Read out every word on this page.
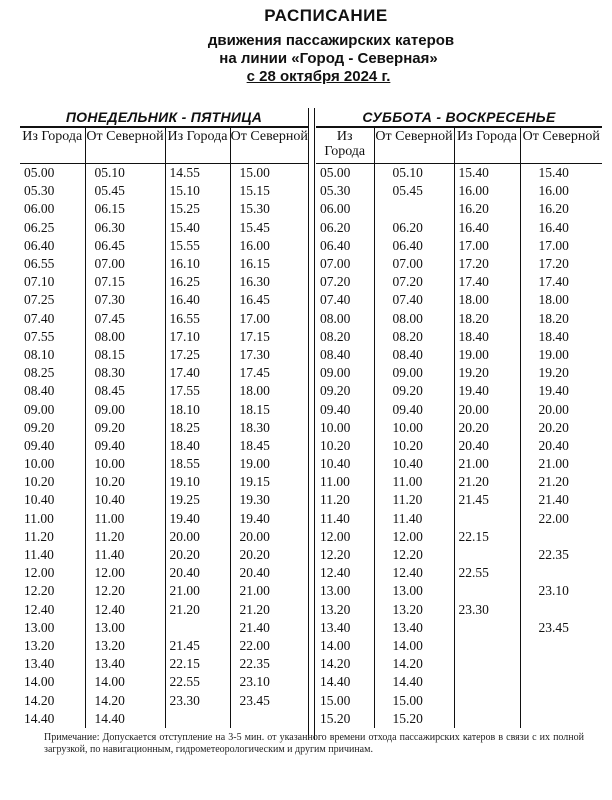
РАСПИСАНИЕ
движения пассажирских катеров
на линии «Город - Северная»
с 28 октября 2024 г.
ПОНЕДЕЛЬНИК - ПЯТНИЦА			
Из Города	От Северной	Из Города	От Северной
05.00	05.10	14.55	15.00
05.30	05.45	15.10	15.15
06.00	06.15	15.25	15.30
06.25	06.30	15.40	15.45
06.40	06.45	15.55	16.00
06.55	07.00	16.10	16.15
07.10	07.15	16.25	16.30
07.25	07.30	16.40	16.45
07.40	07.45	16.55	17.00
07.55	08.00	17.10	17.15
08.10	08.15	17.25	17.30
08.25	08.30	17.40	17.45
08.40	08.45	17.55	18.00
09.00	09.00	18.10	18.15
09.20	09.20	18.25	18.30
09.40	09.40	18.40	18.45
10.00	10.00	18.55	19.00
10.20	10.20	19.10	19.15
10.40	10.40	19.25	19.30
11.00	11.00	19.40	19.40
11.20	11.20	20.00	20.00
11.40	11.40	20.20	20.20
12.00	12.00	20.40	20.40
12.20	12.20	21.00	21.00
12.40	12.40	21.20	21.20
13.00	13.00		21.40
13.20	13.20	21.45	22.00
13.40	13.40	22.15	22.35
14.00	14.00	22.55	23.10
14.20	14.20	23.30	23.45
14.40	14.40		
СУББОТА - ВОСКРЕСЕНЬЕ			
Из Города	От Северной	Из Города	От Северной
05.00	05.10	15.40	15.40
05.30	05.45	16.00	16.00
06.00		16.20	16.20
06.20	06.20	16.40	16.40
06.40	06.40	17.00	17.00
07.00	07.00	17.20	17.20
07.20	07.20	17.40	17.40
07.40	07.40	18.00	18.00
08.00	08.00	18.20	18.20
08.20	08.20	18.40	18.40
08.40	08.40	19.00	19.00
09.00	09.00	19.20	19.20
09.20	09.20	19.40	19.40
09.40	09.40	20.00	20.00
10.00	10.00	20.20	20.20
10.20	10.20	20.40	20.40
10.40	10.40	21.00	21.00
11.00	11.00	21.20	21.20
11.20	11.20	21.45	21.40
11.40	11.40		22.00
12.00	12.00	22.15	
12.20	12.20		22.35
12.40	12.40	22.55	
13.00	13.00		23.10
13.20	13.20	23.30	
13.40	13.40		23.45
14.00	14.00		
14.20	14.20		
14.40	14.40		
15.00	15.00		
15.20	15.20		
Примечание: Допускается отступление на 3-5 мин. от указанного времени отхода пассажирских катеров в связи с их полной загрузкой, по навигационным, гидрометеорологическим и другим причинам.
